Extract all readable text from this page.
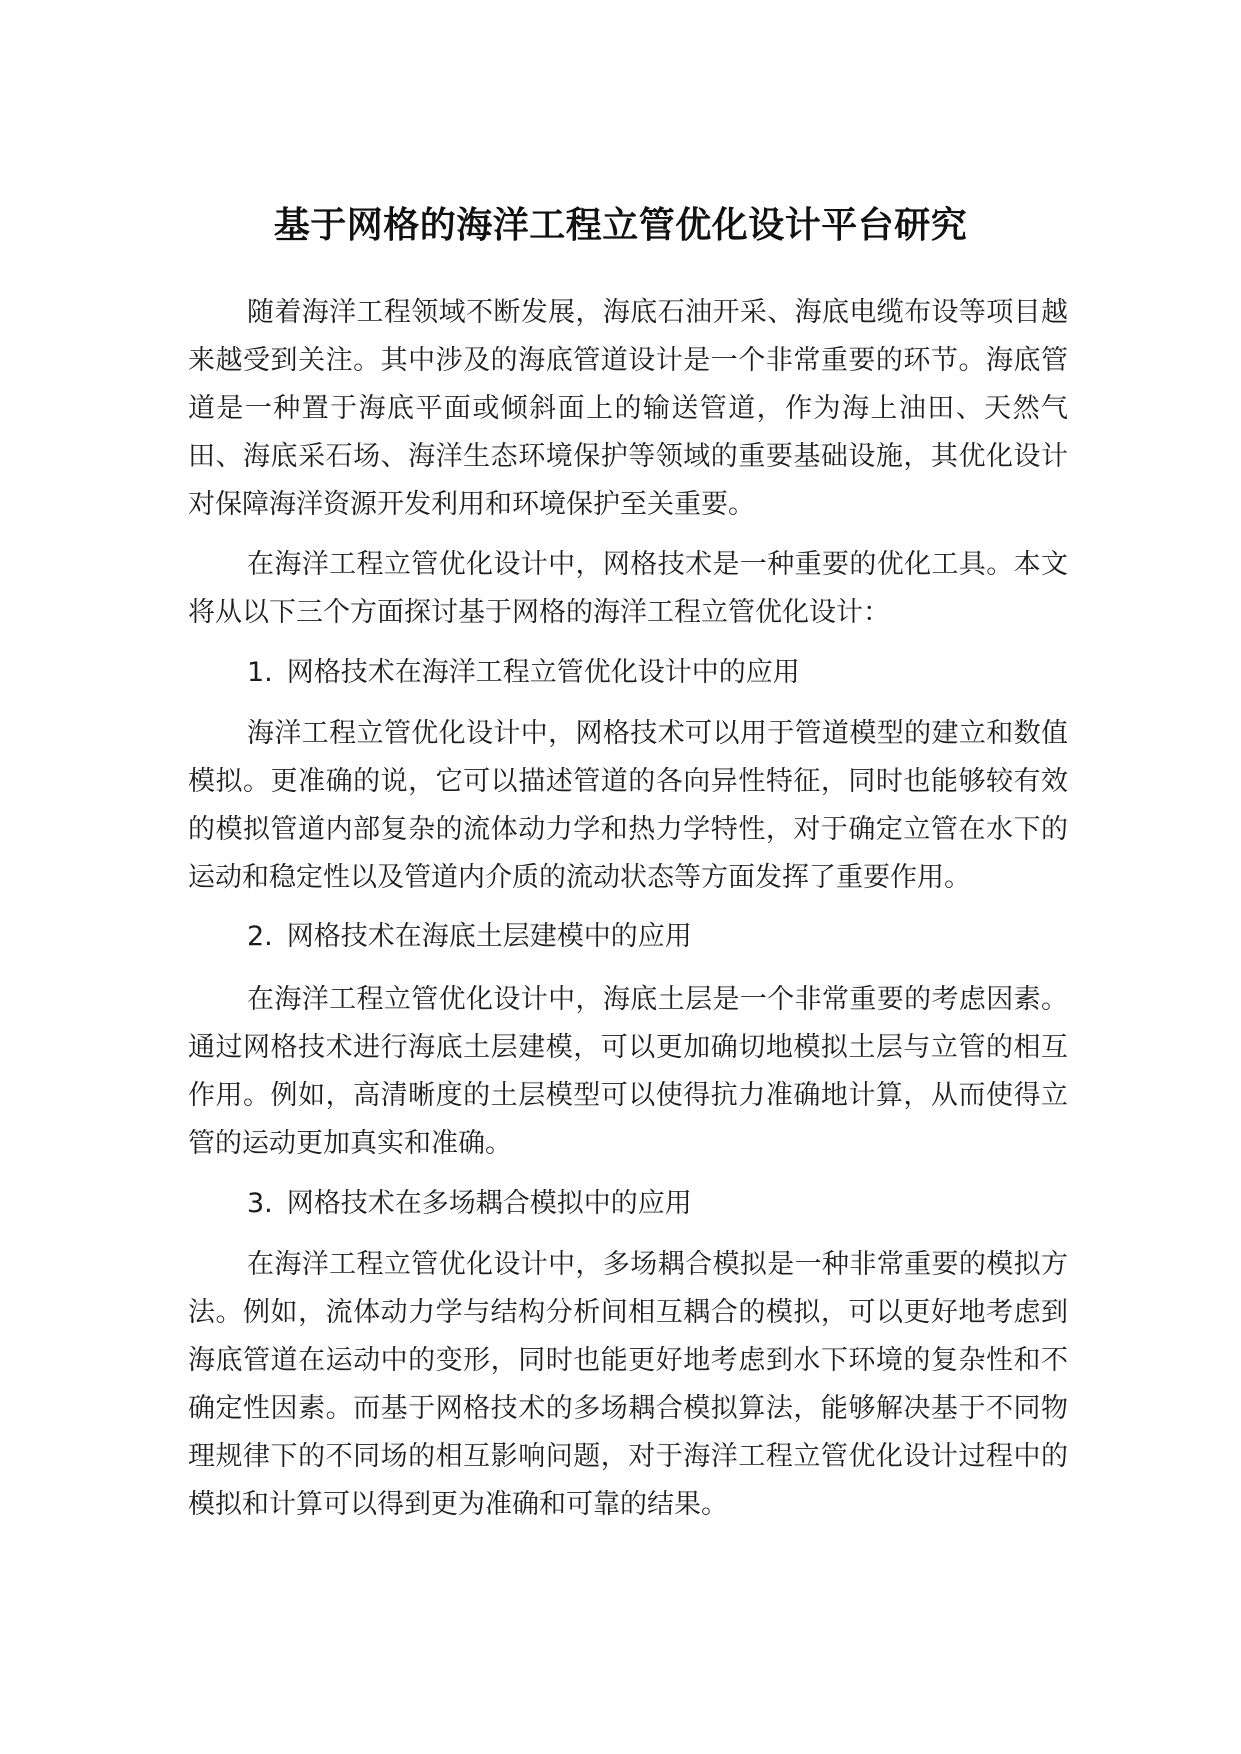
基于网格的海洋工程立管优化设计平台研究

随着海洋工程领域不断发展，海底石油开采、海底电缆布设等项目越来越受到关注。其中涉及的海底管道设计是一个非常重要的环节。海底管道是一种置于海底平面或倾斜面上的输送管道，作为海上油田、天然气田、海底采石场、海洋生态环境保护等领域的重要基础设施，其优化设计对保障海洋资源开发利用和环境保护至关重要。

在海洋工程立管优化设计中，网格技术是一种重要的优化工具。本文将从以下三个方面探讨基于网格的海洋工程立管优化设计：

1. 网格技术在海洋工程立管优化设计中的应用

海洋工程立管优化设计中，网格技术可以用于管道模型的建立和数值模拟。更准确的说，它可以描述管道的各向异性特征，同时也能够较有效的模拟管道内部复杂的流体动力学和热力学特性，对于确定立管在水下的运动和稳定性以及管道内介质的流动状态等方面发挥了重要作用。

2. 网格技术在海底土层建模中的应用

在海洋工程立管优化设计中，海底土层是一个非常重要的考虑因素。通过网格技术进行海底土层建模，可以更加确切地模拟土层与立管的相互作用。例如，高清晰度的土层模型可以使得抗力准确地计算，从而使得立管的运动更加真实和准确。

3. 网格技术在多场耦合模拟中的应用

在海洋工程立管优化设计中，多场耦合模拟是一种非常重要的模拟方法。例如，流体动力学与结构分析间相互耦合的模拟，可以更好地考虑到海底管道在运动中的变形，同时也能更好地考虑到水下环境的复杂性和不确定性因素。而基于网格技术的多场耦合模拟算法，能够解决基于不同物理规律下的不同场的相互影响问题，对于海洋工程立管优化设计过程中的模拟和计算可以得到更为准确和可靠的结果。
